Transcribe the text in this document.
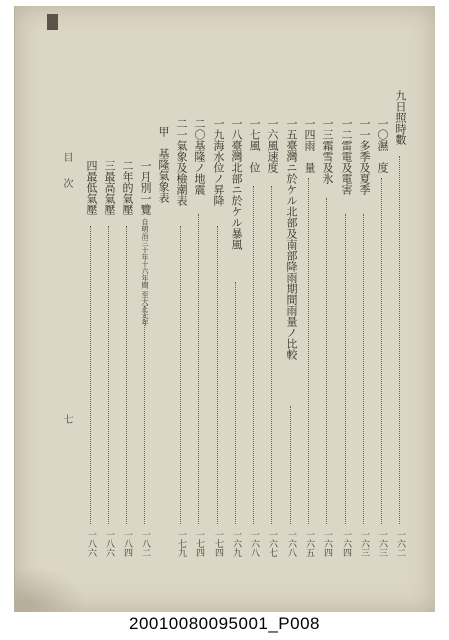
九日照時數
一六二
一〇濕　度
一六三
一一多季及夏季
一六三
一二雷電及電害
一六四
一三霜雪及氷
一六四
一四雨　量
一六五
一五臺灣ニ於ケル北部及南部降雨期間雨量ノ比較
一六八
一六風速度
一六七
一七風　位
一六八
一八臺灣北部ニ於ケル暴風
一六九
一九海水位ノ昇降
一七四
二〇基隆ノ地震
一七四
二一氣象及檢潮表
一七九
甲　基隆氣象表
一月別一覽 自明治三十年十六年間 至大正元年
一八二
二年的氣壓
一八四
三最高氣壓
一八六
四最低氣壓
一八六
目
次
七
20010080095001_P008
